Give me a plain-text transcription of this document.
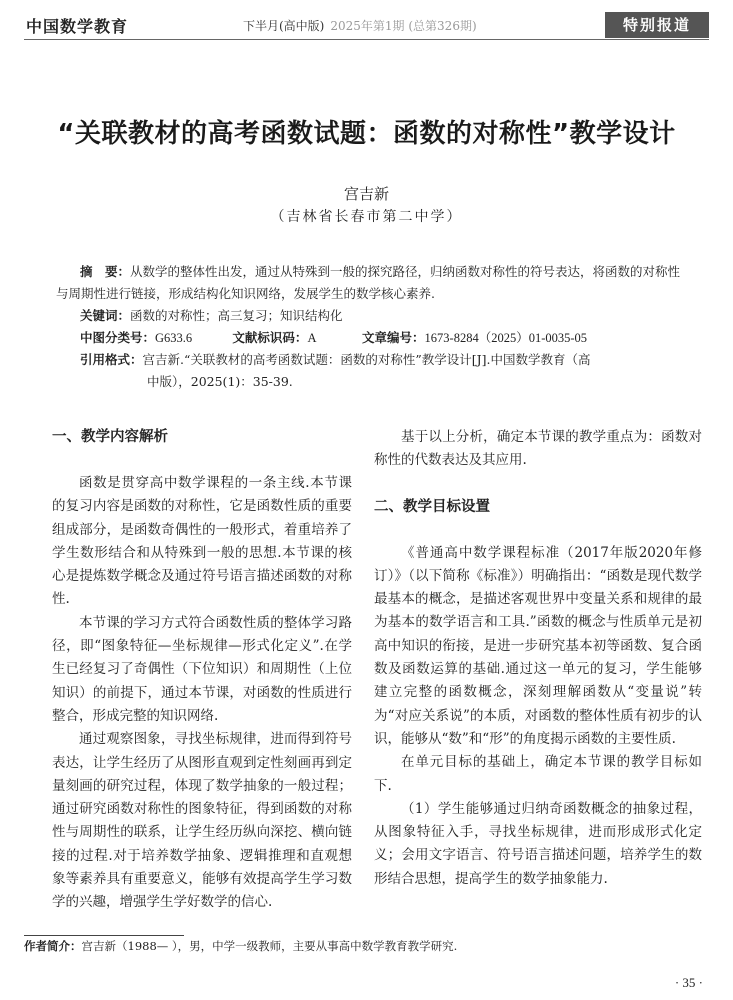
中国数学教育	下半月(高中版) 2025年第1期 (总第326期)	特别报道
“关联教材的高考函数试题：函数的对称性”教学设计
宫吉新
（吉林省长春市第二中学）
摘　要：从数学的整体性出发，通过从特殊到一般的探究路径，归纳函数对称性的符号表达，将函数的对称性与周期性进行链接，形成结构化知识网络，发展学生的数学核心素养.
关键词：函数的对称性；高三复习；知识结构化
中图分类号：G633.6	文献标识码：A	文章编号：1673-8284（2025）01-0035-05
引用格式：宫吉新.“关联教材的高考函数试题：函数的对称性”教学设计[J].中国数学教育（高
中版），2025(1)：35-39.

一、教学内容解析

函数是贯穿高中数学课程的一条主线.本节课的复习内容是函数的对称性，它是函数性质的重要组成部分，是函数奇偶性的一般形式，着重培养了学生数形结合和从特殊到一般的思想.本节课的核心是提炼数学概念及通过符号语言描述函数的对称性.

本节课的学习方式符合函数性质的整体学习路径，即“图象特征—坐标规律—形式化定义”.在学生已经复习了奇偶性（下位知识）和周期性（上位知识）的前提下，通过本节课，对函数的性质进行整合，形成完整的知识网络.

通过观察图象，寻找坐标规律，进而得到符号表达，让学生经历了从图形直观到定性刻画再到定量刻画的研究过程，体现了数学抽象的一般过程；通过研究函数对称性的图象特征，得到函数的对称性与周期性的联系，让学生经历纵向深挖、横向链接的过程.对于培养数学抽象、逻辑推理和直观想象等素养具有重要意义，能够有效提高学生学习数学的兴趣，增强学生学好数学的信心.

基于以上分析，确定本节课的教学重点为：函数对称性的代数表达及其应用.

二、教学目标设置

《普通高中数学课程标准（2017年版2020年修订）》（以下简称《标准》）明确指出：“函数是现代数学最基本的概念，是描述客观世界中变量关系和规律的最为基本的数学语言和工具.”函数的概念与性质单元是初高中知识的衔接，是进一步研究基本初等函数、复合函数及函数运算的基础.通过这一单元的复习，学生能够建立完整的函数概念，深刻理解函数从“变量说”转为“对应关系说”的本质，对函数的整体性质有初步的认识，能够从“数”和“形”的角度揭示函数的主要性质.

在单元目标的基础上，确定本节课的教学目标如下.

（1）学生能够通过归纳奇函数概念的抽象过程，从图象特征入手，寻找坐标规律，进而形成形式化定义；会用文字语言、符号语言描述问题，培养学生的数形结合思想，提高学生的数学抽象能力.

作者简介：宫吉新（1988— ），男，中学一级教师，主要从事高中数学教育教学研究.
· 35 ·
